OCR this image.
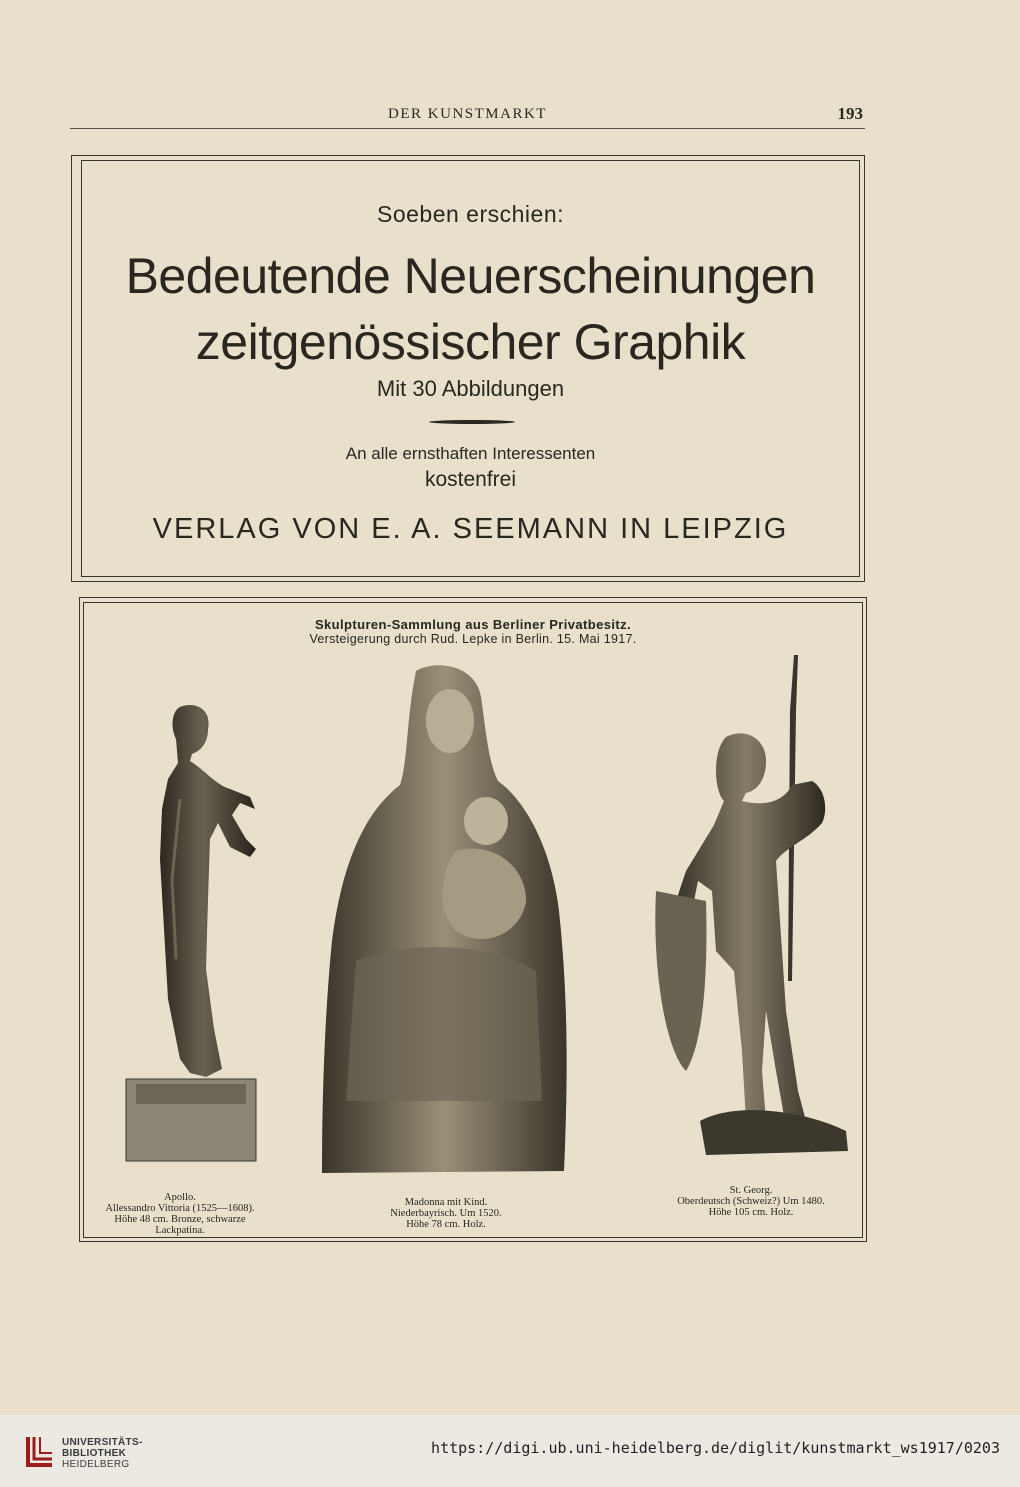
DER KUNSTMARKT	193
Soeben erschien:
Bedeutende Neuerscheinungen
zeitgenössischer Graphik
Mit 30 Abbildungen
An alle ernsthaften Interessenten
kostenfrei
VERLAG VON E. A. SEEMANN IN LEIPZIG
Skulpturen-Sammlung aus Berliner Privatbesitz.
Versteigerung durch Rud. Lepke in Berlin. 15. Mai 1917.
Apollo.
Allessandro Vittoria (1525—1608).
Höhe 48 cm. Bronze, schwarze
Lackpatina.
Madonna mit Kind.
Niederbayrisch. Um 1520.
Höhe 78 cm. Holz.
St. Georg.
Oberdeutsch (Schweiz?) Um 1480.
Höhe 105 cm. Holz.
UNIVERSITÄTS-
BIBLIOTHEK
HEIDELBERG
https://digi.ub.uni-heidelberg.de/diglit/kunstmarkt_ws1917/0203
